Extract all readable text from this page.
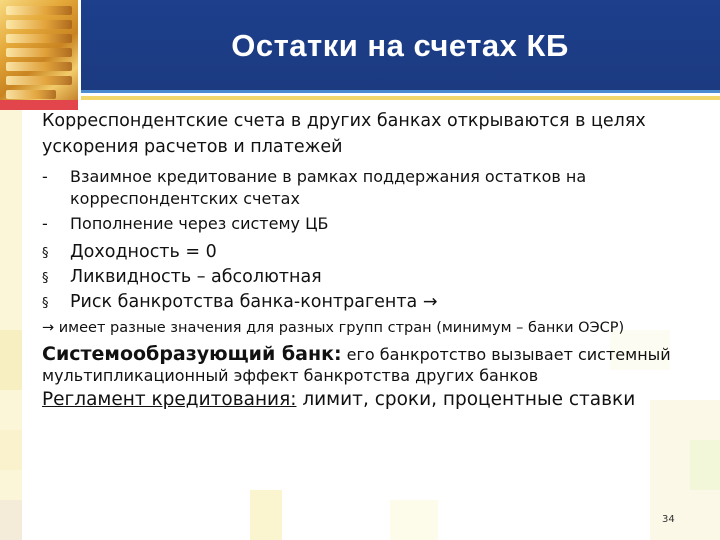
Остатки на счетах КБ

Корреспондентские счета в других банках открываются в целях ускорения расчетов и платежей

-	Взаимное кредитование в рамках поддержания остатков на корреспондентских счетах
-	Пополнение через систему ЦБ
§	Доходность = 0
§	Ликвидность – абсолютная
§	Риск банкротства банка-контрагента →

→ имеет разные значения для разных групп стран (минимум – банки ОЭСР)

Системообразующий банк: его банкротство вызывает системный мультипликационный эффект банкротства других банков

Регламент кредитования: лимит, сроки, процентные ставки

34
